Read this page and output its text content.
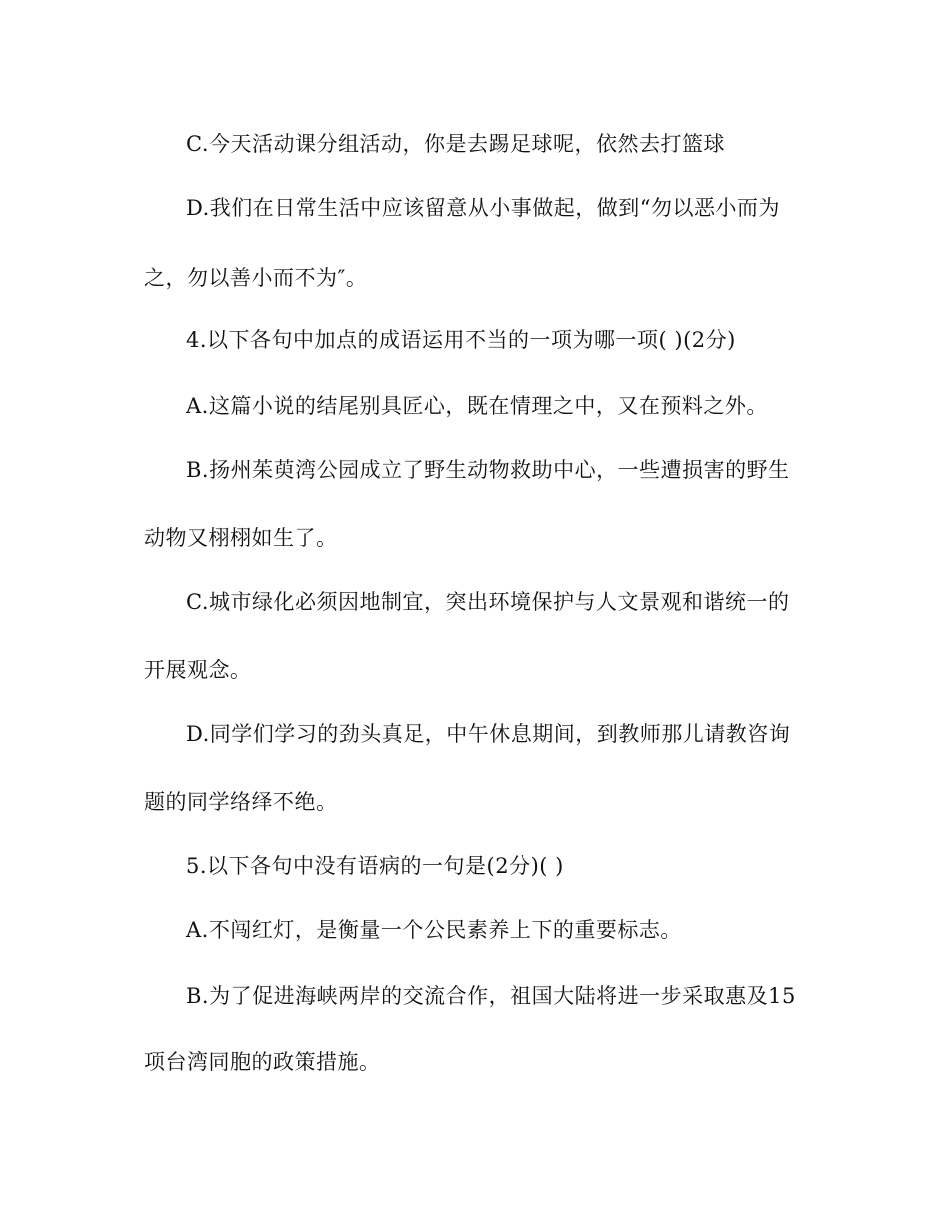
C.今天活动课分组活动，你是去踢足球呢，依然去打篮球
D.我们在日常生活中应该留意从小事做起，做到“勿以恶小而为
之，勿以善小而不为″。
4.以下各句中加点的成语运用不当的一项为哪一项( )(2分)
A.这篇小说的结尾别具匠心，既在情理之中，又在预料之外。
B.扬州茱萸湾公园成立了野生动物救助中心，一些遭损害的野生
动物又栩栩如生了。
C.城市绿化必须因地制宜，突出环境保护与人文景观和谐统一的
开展观念。
D.同学们学习的劲头真足，中午休息期间，到教师那儿请教咨询
题的同学络绎不绝。
5.以下各句中没有语病的一句是(2分)( )
A.不闯红灯，是衡量一个公民素养上下的重要标志。
B.为了促进海峡两岸的交流合作，祖国大陆将进一步采取惠及15
项台湾同胞的政策措施。
